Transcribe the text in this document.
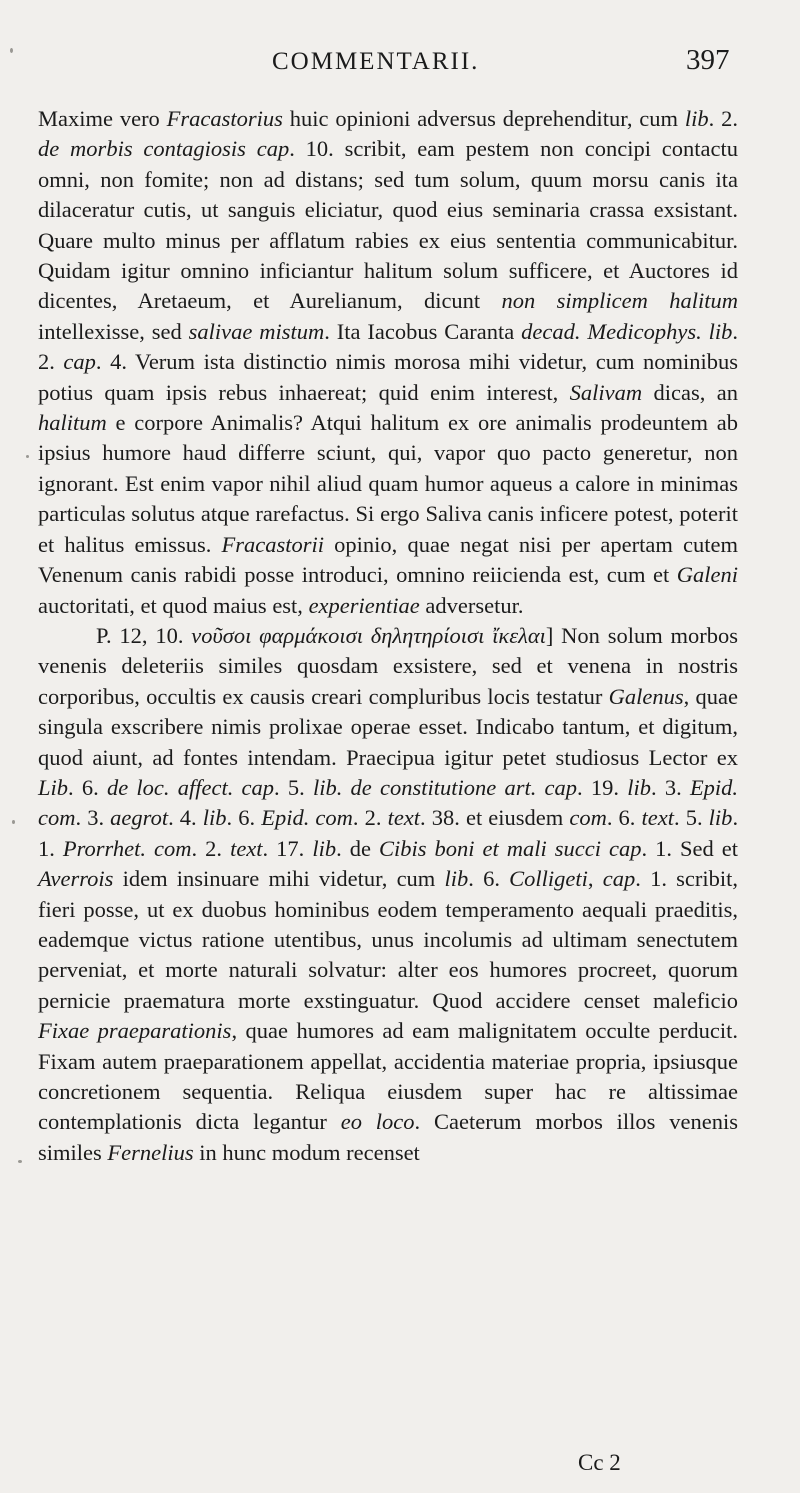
COMMENTARII.	397

Maxime vero Fracastorius huic opinioni adversus deprehenditur, cum lib. 2. de morbis contagiosis cap. 10. scribit, eam pestem non concipi contactu omni, non fomite; non ad distans; sed tum solum, quum morsu canis ita dilaceratur cutis, ut sanguis eliciatur, quod eius seminaria crassa exsistant. Quare multo minus per afflatum rabies ex eius sententia communicabitur. Quidam igitur omnino inficiantur halitum solum sufficere, et Auctores id dicentes, Aretaeum, et Aurelianum, dicunt non simplicem halitum intellexisse, sed salivae mistum. Ita Iacobus Caranta decad. Medicophys. lib. 2. cap. 4. Verum ista distinctio nimis morosa mihi videtur, cum nominibus potius quam ipsis rebus inhaereat; quid enim interest, Salivam dicas, an halitum e corpore Animalis? Atqui halitum ex ore animalis prodeuntem ab ipsius humore haud differre sciunt, qui, vapor quo pacto generetur, non ignorant. Est enim vapor nihil aliud quam humor aqueus a calore in minimas particulas solutus atque rarefactus. Si ergo Saliva canis inficere potest, poterit et halitus emissus. Fracastorii opinio, quae negat nisi per apertam cutem Venenum canis rabidi posse introduci, omnino reiicienda est, cum et Galeni auctoritati, et quod maius est, experientiae adversetur.

P. 12, 10. νοῦσοι φαρμάκοισι δηλητηρίοισι ἴκελαι] Non solum morbos venenis deleteriis similes quosdam exsistere, sed et venena in nostris corporibus, occultis ex causis creari compluribus locis testatur Galenus, quae singula exscribere nimis prolixae operae esset. Indicabo tantum, et digitum, quod aiunt, ad fontes intendam. Praecipua igitur petet studiosus Lector ex Lib. 6. de loc. affect. cap. 5. lib. de constitutione art. cap. 19. lib. 3. Epid. com. 3. aegrot. 4. lib. 6. Epid. com. 2. text. 38. et eiusdem com. 6. text. 5. lib. 1. Prorrhet. com. 2. text. 17. lib. de Cibis boni et mali succi cap. 1. Sed et Averrois idem insinuare mihi videtur, cum lib. 6. Colligeti, cap. 1. scribit, fieri posse, ut ex duobus hominibus eodem temperamento aequali praeditis, eademque victus ratione utentibus, unus incolumis ad ultimam senectutem perveniat, et morte naturali solvatur: alter eos humores procreet, quorum pernicie praematura morte exstinguatur. Quod accidere censet maleficio Fixae praeparationis, quae humores ad eam malignitatem occulte perducit. Fixam autem praeparationem appellat, accidentia materiae propria, ipsiusque concretionem sequentia. Reliqua eiusdem super hac re altissimae contemplationis dicta legantur eo loco. Caeterum morbos illos venenis similes Fernelius in hunc modum recenset

Cc 2
